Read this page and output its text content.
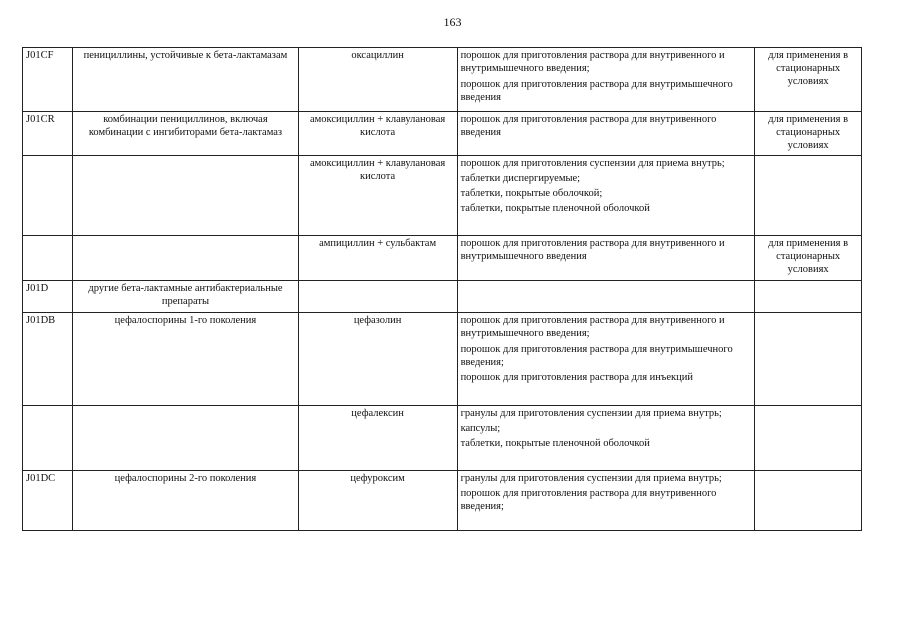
163
J01CF	пенициллины, устойчивые к бета-лактамазам	оксациллин	порошок для приготовления раствора для внутривенного и внутримышечного введения;
порошок для приготовления раствора для внутримышечного введения	для применения в стационарных условиях
J01CR	комбинации пенициллинов, включая комбинации с ингибиторами бета-лактамаз	амоксициллин + клавулановая кислота	порошок для приготовления раствора для внутривенного введения	для применения в стационарных условиях
		амоксициллин + клавулановая кислота	порошок для приготовления суспензии для приема внутрь;
таблетки диспергируемые;
таблетки, покрытые оболочкой;
таблетки, покрытые пленочной оболочкой	

		ампициллин + сульбактам	порошок для приготовления раствора для внутривенного и внутримышечного введения	для применения в стационарных условиях
J01D	другие бета-лактамные антибактериальные препараты			
J01DB	цефалоспорины 1-го поколения	цефазолин	порошок для приготовления раствора для внутривенного и внутримышечного введения;
порошок для приготовления раствора для внутримышечного введения;
порошок для приготовления раствора для инъекций	

		цефалексин	гранулы для приготовления суспензии для приема внутрь;
капсулы;
таблетки, покрытые пленочной оболочкой	

J01DC	цефалоспорины 2-го поколения	цефуроксим	гранулы для приготовления суспензии для приема внутрь;
порошок для приготовления раствора для внутривенного введения;	
